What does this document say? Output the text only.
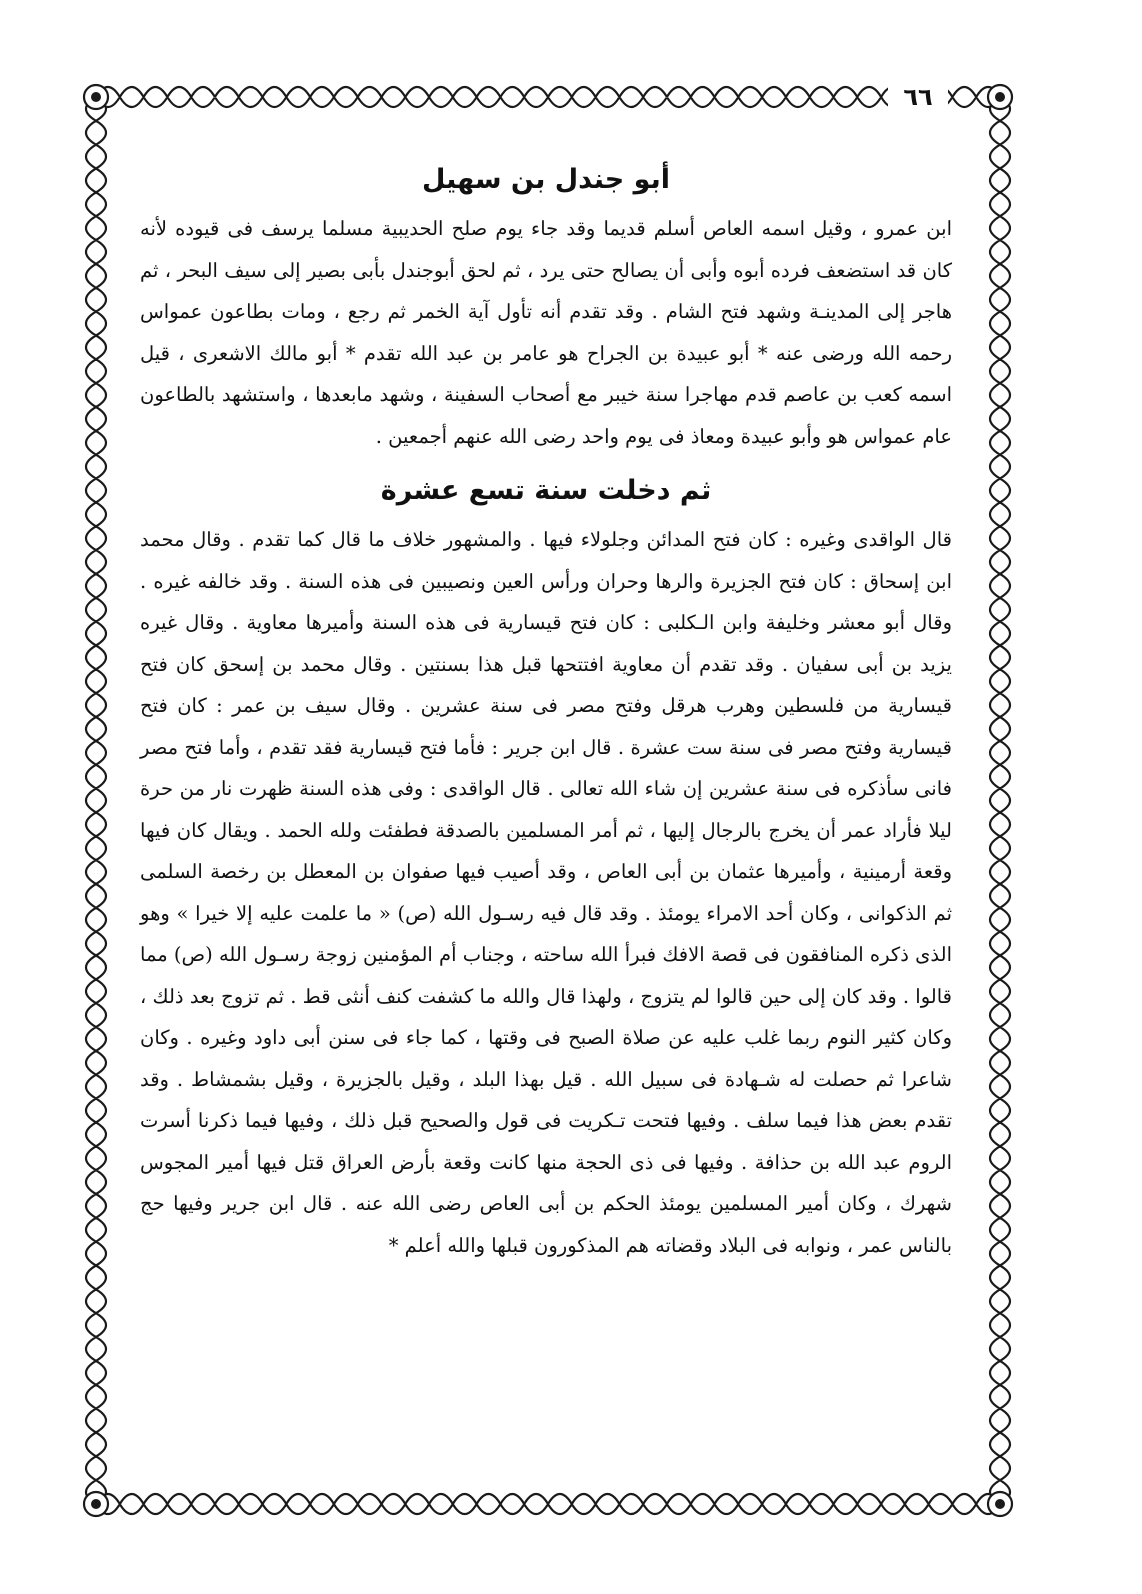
٦٦
أبو جندل بن سهيل

ابن عمرو ، وقيل اسمه العاص أسلم قديما وقد جاء يوم صلح الحديبية مسلما يرسف فى قيوده لأنه كان قد استضعف فرده أبوه وأبى أن يصالح حتى يرد ، ثم لحق أبوجندل بأبى بصير إلى سيف البحر ، ثم هاجر إلى المدينـة وشهد فتح الشام . وقد تقدم أنه تأول آية الخمر ثم رجع ، ومات بطاعون عمواس رحمه الله ورضى عنه * أبو عبيدة بن الجراح هو عامر بن عبد الله تقدم * أبو مالك الاشعرى ، قيل اسمه كعب بن عاصم قدم مهاجرا سنة خيبر مع أصحاب السفينة ، وشهد مابعدها ، واستشهد بالطاعون عام عمواس هو وأبو عبيدة ومعاذ فى يوم واحد رضى الله عنهم أجمعين .

ثم دخلت سنة تسع عشرة

قال الواقدى وغيره : كان فتح المدائن وجلولاء فيها . والمشهور خلاف ما قال كما تقدم . وقال محمد ابن إسحاق : كان فتح الجزيرة والرها وحران ورأس العين ونصيبين فى هذه السنة . وقد خالفه غيره . وقال أبو معشر وخليفة وابن الـكلبى : كان فتح قيسارية فى هذه السنة وأميرها معاوية . وقال غيره يزيد بن أبى سفيان . وقد تقدم أن معاوية افتتحها قبل هذا بسنتين . وقال محمد بن إسحق كان فتح قيسارية من فلسطين وهرب هرقل وفتح مصر فى سنة عشرين . وقال سيف بن عمر : كان فتح قيسارية وفتح مصر فى سنة ست عشرة . قال ابن جرير : فأما فتح قيسارية فقد تقدم ، وأما فتح مصر فانى سأذكره فى سنة عشرين إن شاء الله تعالى . قال الواقدى : وفى هذه السنة ظهرت نار من حرة ليلا فأراد عمر أن يخرج بالرجال إليها ، ثم أمر المسلمين بالصدقة فطفئت ولله الحمد . ويقال كان فيها وقعة أرمينية ، وأميرها عثمان بن أبى العاص ، وقد أصيب فيها صفوان بن المعطل بن رخصة السلمى ثم الذكوانى ، وكان أحد الامراء يومئذ . وقد قال فيه رسـول الله (ص) « ما علمت عليه إلا خيرا » وهو الذى ذكره المنافقون فى قصة الافك فبرأ الله ساحته ، وجناب أم المؤمنين زوجة رسـول الله (ص) مما قالوا . وقد كان إلى حين قالوا لم يتزوج ، ولهذا قال والله ما كشفت كنف أنثى قط . ثم تزوج بعد ذلك ، وكان كثير النوم ربما غلب عليه عن صلاة الصبح فى وقتها ، كما جاء فى سنن أبى داود وغيره . وكان شاعرا ثم حصلت له شـهادة فى سبيل الله . قيل بهذا البلد ، وقيل بالجزيرة ، وقيل بشمشاط . وقد تقدم بعض هذا فيما سلف . وفيها فتحت تـكريت فى قول والصحيح قبل ذلك ، وفيها فيما ذكرنا أسرت الروم عبد الله بن حذافة . وفيها فى ذى الحجة منها كانت وقعة بأرض العراق قتل فيها أمير المجوس شهرك ، وكان أمير المسلمين يومئذ الحكم بن أبى العاص رضى الله عنه . قال ابن جرير وفيها حج بالناس عمر ، ونوابه فى البلاد وقضاته هم المذكورون قبلها والله أعلم *
